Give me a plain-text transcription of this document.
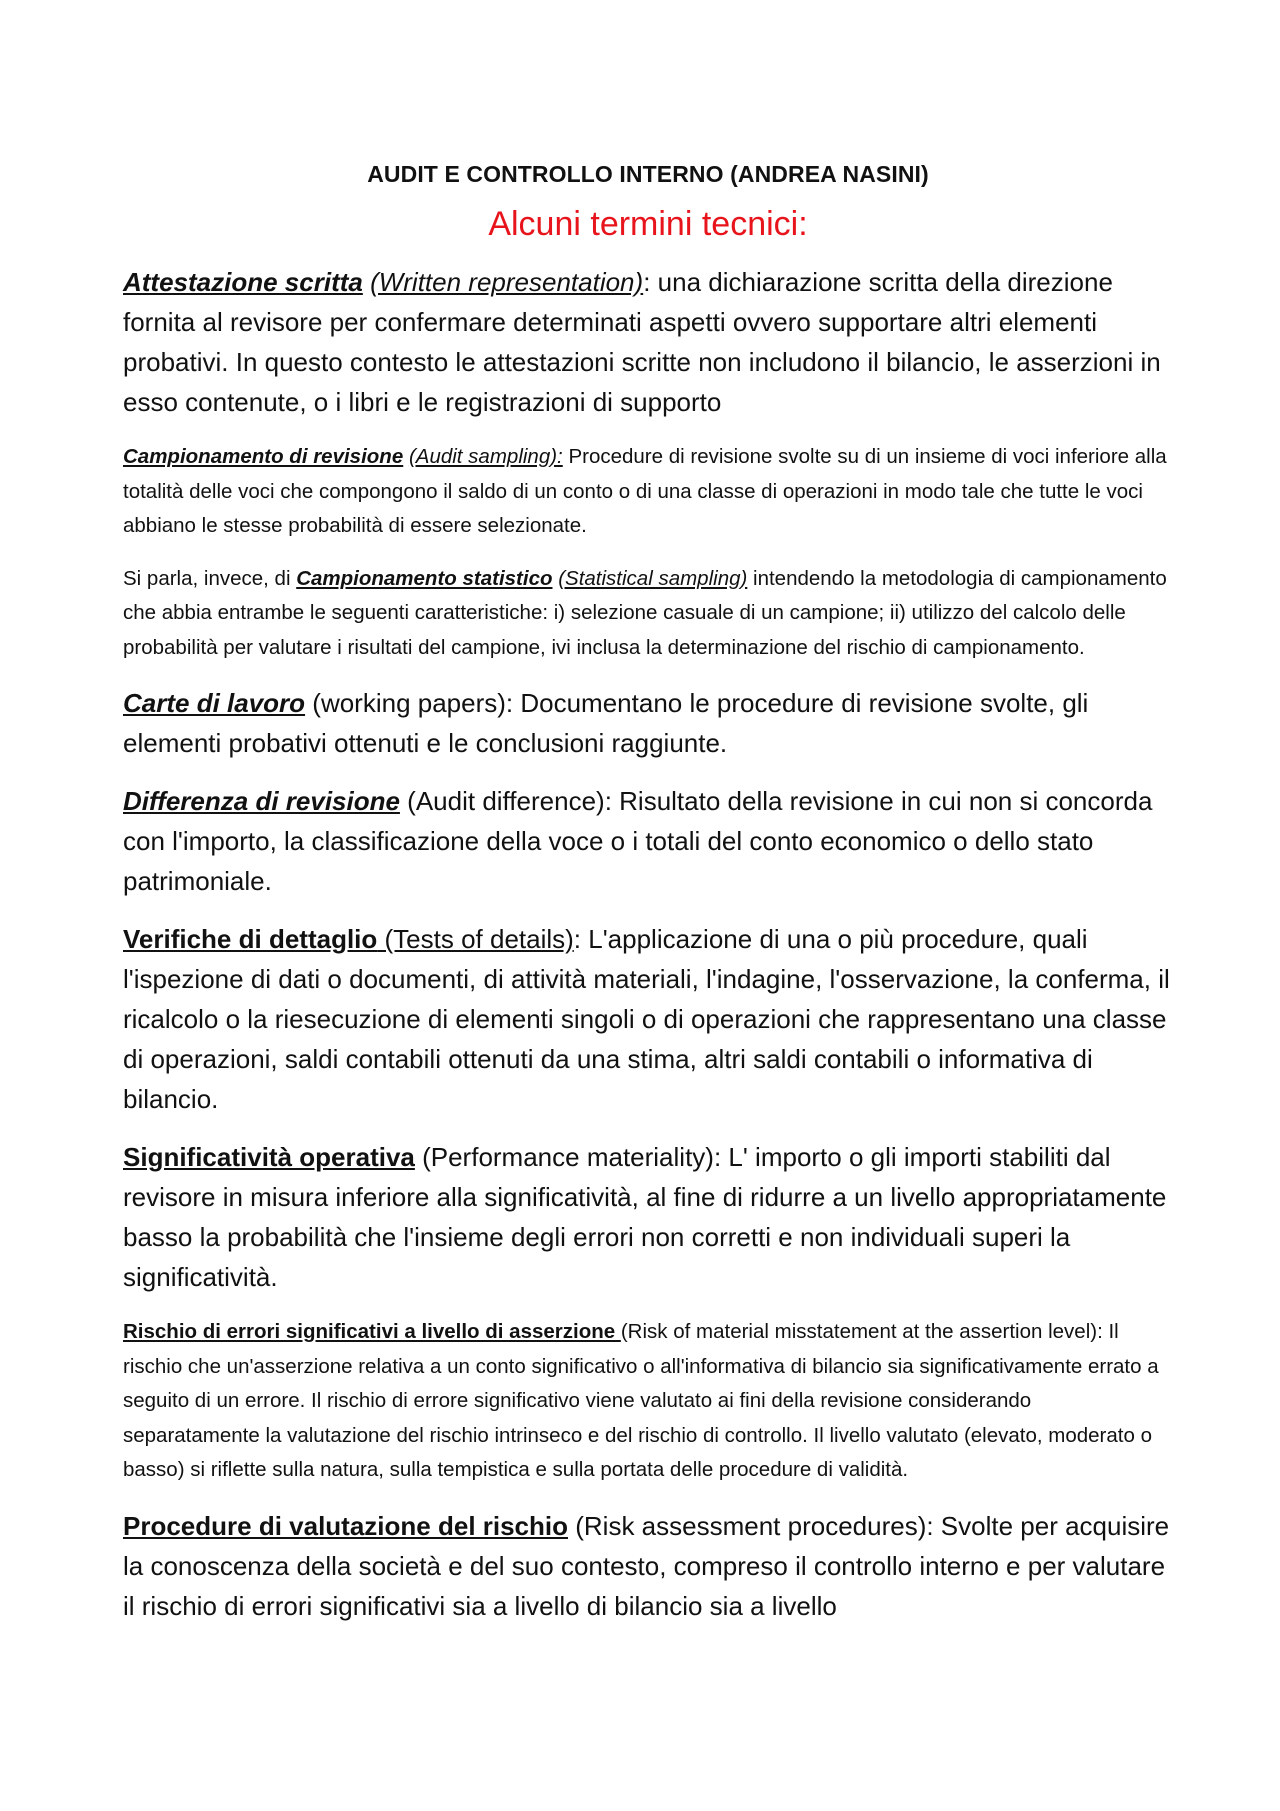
AUDIT E CONTROLLO INTERNO (ANDREA NASINI)
Alcuni termini tecnici:

Attestazione scritta (Written representation): una dichiarazione scritta della direzione fornita al revisore per confermare determinati aspetti ovvero supportare altri elementi probativi. In questo contesto le attestazioni scritte non includono il bilancio, le asserzioni in esso contenute, o i libri e le registrazioni di supporto

Campionamento di revisione (Audit sampling): Procedure di revisione svolte su di un insieme di voci inferiore alla totalità delle voci che compongono il saldo di un conto o di una classe di operazioni in modo tale che tutte le voci abbiano le stesse probabilità di essere selezionate.

Si parla, invece, di Campionamento statistico (Statistical sampling) intendendo la metodologia di campionamento che abbia entrambe le seguenti caratteristiche: i) selezione casuale di un campione; ii) utilizzo del calcolo delle probabilità per valutare i risultati del campione, ivi inclusa la determinazione del rischio di campionamento.

Carte di lavoro (working papers): Documentano le procedure di revisione svolte, gli elementi probativi ottenuti e le conclusioni raggiunte.

Differenza di revisione (Audit difference): Risultato della revisione in cui non si concorda con l'importo, la classificazione della voce o i totali del conto economico o dello stato patrimoniale.

Verifiche di dettaglio (Tests of details): L'applicazione di una o più procedure, quali l'ispezione di dati o documenti, di attività materiali, l'indagine, l'osservazione, la conferma, il ricalcolo o la riesecuzione di elementi singoli o di operazioni che rappresentano una classe di operazioni, saldi contabili ottenuti da una stima, altri saldi contabili o informativa di bilancio.

Significatività operativa (Performance materiality): L' importo o gli importi stabiliti dal revisore in misura inferiore alla significatività, al fine di ridurre a un livello appropriatamente basso la probabilità che l'insieme degli errori non corretti e non individuali superi la significatività.

Rischio di errori significativi a livello di asserzione (Risk of material misstatement at the assertion level): Il rischio che un'asserzione relativa a un conto significativo o all'informativa di bilancio sia significativamente errato a seguito di un errore. Il rischio di errore significativo viene valutato ai fini della revisione considerando separatamente la valutazione del rischio intrinseco e del rischio di controllo. Il livello valutato (elevato, moderato o basso) si riflette sulla natura, sulla tempistica e sulla portata delle procedure di validità.

Procedure di valutazione del rischio (Risk assessment procedures): Svolte per acquisire la conoscenza della società e del suo contesto, compreso il controllo interno e per valutare il rischio di errori significativi sia a livello di bilancio sia a livello
